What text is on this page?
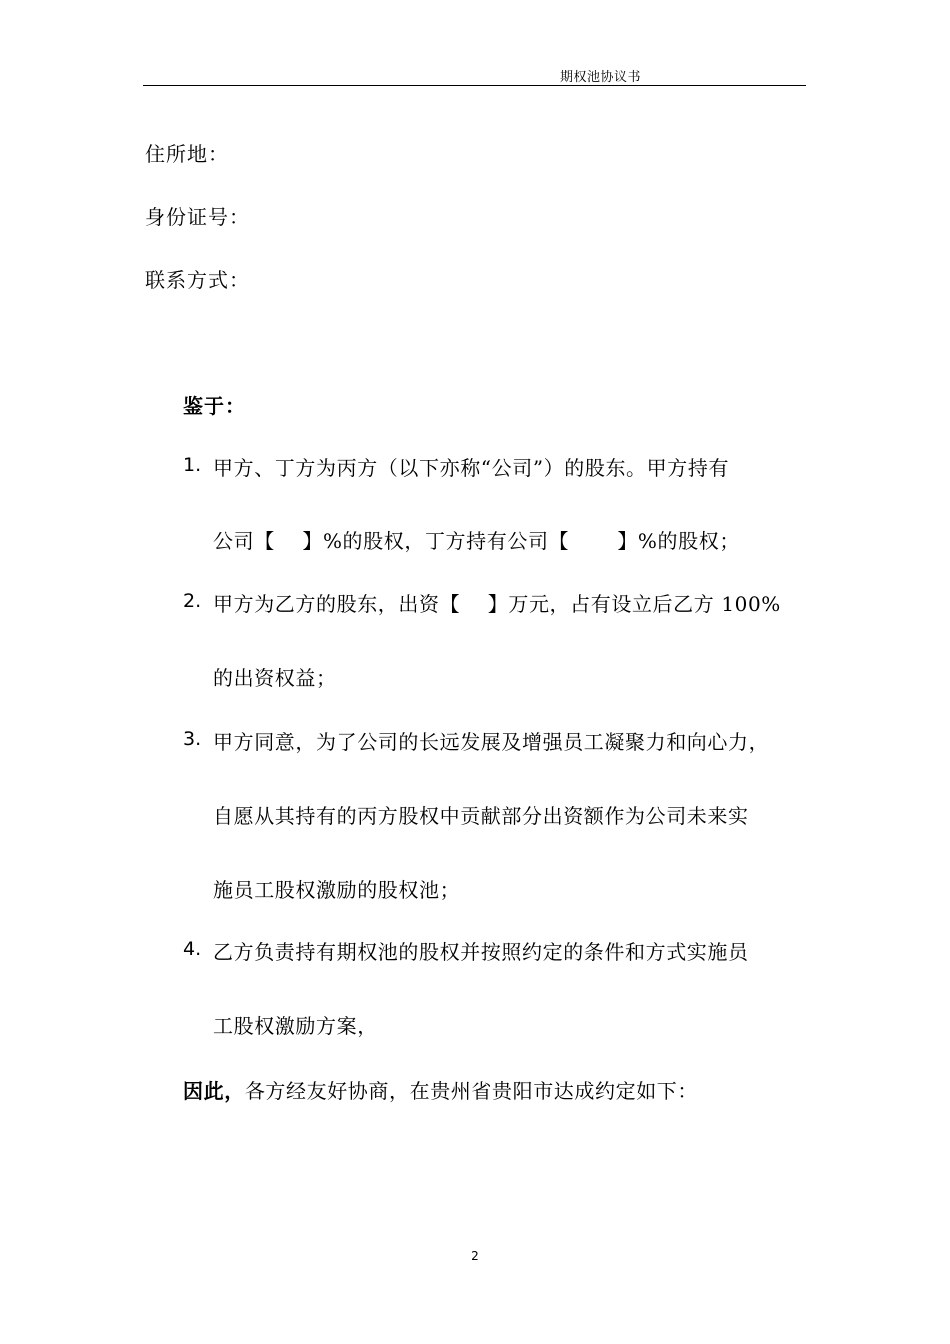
期权池协议书
住所地：
身份证号：
联系方式：
鉴于：
1. 甲方、丁方为丙方（以下亦称“公司”）的股东。甲方持有
公司【　 】%的股权，丁方持有公司【　　 】%的股权；
2. 甲方为乙方的股东，出资【　 】万元，占有设立后乙方 100%
的出资权益；
3. 甲方同意，为了公司的长远发展及增强员工凝聚力和向心力，
自愿从其持有的丙方股权中贡献部分出资额作为公司未来实
施员工股权激励的股权池；
4. 乙方负责持有期权池的股权并按照约定的条件和方式实施员
工股权激励方案，
因此，各方经友好协商，在贵州省贵阳市达成约定如下：
2
